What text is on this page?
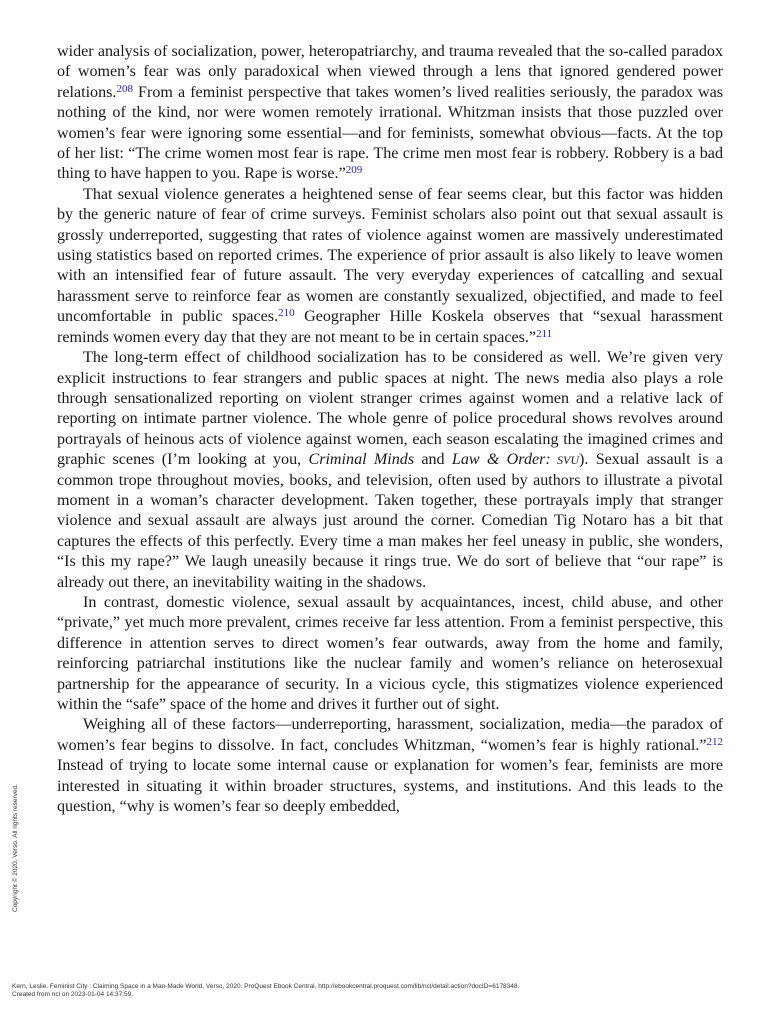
wider analysis of socialization, power, heteropatriarchy, and trauma revealed that the so-called paradox of women’s fear was only paradoxical when viewed through a lens that ignored gendered power relations.$^{208}$ From a feminist perspective that takes women’s lived realities seriously, the paradox was nothing of the kind, nor were women remotely irrational. Whitzman insists that those puzzled over women’s fear were ignoring some essential—and for feminists, somewhat obvious—facts. At the top of her list: “The crime women most fear is rape. The crime men most fear is robbery. Robbery is a bad thing to have happen to you. Rape is worse.”$^{209}$

That sexual violence generates a heightened sense of fear seems clear, but this factor was hidden by the generic nature of fear of crime surveys. Feminist scholars also point out that sexual assault is grossly underreported, suggesting that rates of violence against women are massively underestimated using statistics based on reported crimes. The experience of prior assault is also likely to leave women with an intensified fear of future assault. The very everyday experiences of catcalling and sexual harassment serve to reinforce fear as women are constantly sexualized, objectified, and made to feel uncomfortable in public spaces.$^{210}$ Geographer Hille Koskela observes that “sexual harassment reminds women every day that they are not meant to be in certain spaces.”$^{211}$

The long-term effect of childhood socialization has to be considered as well. We’re given very explicit instructions to fear strangers and public spaces at night. The news media also plays a role through sensationalized reporting on violent stranger crimes against women and a relative lack of reporting on intimate partner violence. The whole genre of police procedural shows revolves around portrayals of heinous acts of violence against women, each season escalating the imagined crimes and graphic scenes (I’m looking at you, Criminal Minds and Law & Order: SVU). Sexual assault is a common trope throughout movies, books, and television, often used by authors to illustrate a pivotal moment in a woman’s character development. Taken together, these portrayals imply that stranger violence and sexual assault are always just around the corner. Comedian Tig Notaro has a bit that captures the effects of this perfectly. Every time a man makes her feel uneasy in public, she wonders, “Is this my rape?” We laugh uneasily because it rings true. We do sort of believe that “our rape” is already out there, an inevitability waiting in the shadows.

In contrast, domestic violence, sexual assault by acquaintances, incest, child abuse, and other “private,” yet much more prevalent, crimes receive far less attention. From a feminist perspective, this difference in attention serves to direct women’s fear outwards, away from the home and family, reinforcing patriarchal institutions like the nuclear family and women’s reliance on heterosexual partnership for the appearance of security. In a vicious cycle, this stigmatizes violence experienced within the “safe” space of the home and drives it further out of sight.

Weighing all of these factors—underreporting, harassment, socialization, media—the paradox of women’s fear begins to dissolve. In fact, concludes Whitzman, “women’s fear is highly rational.”$^{212}$ Instead of trying to locate some internal cause or explanation for women’s fear, feminists are more interested in situating it within broader structures, systems, and institutions. And this leads to the question, “why is women’s fear so deeply embedded,

Copyright © 2020. Verso. All rights reserved.
Kern, Leslie. Feminist City : Claiming Space in a Man-Made World, Verso, 2020. ProQuest Ebook Central, http://ebookcentral.proquest.com/lib/ncl/detail.action?docID=6178348.
Created from ncl on 2023-01-04 14:37:59.
